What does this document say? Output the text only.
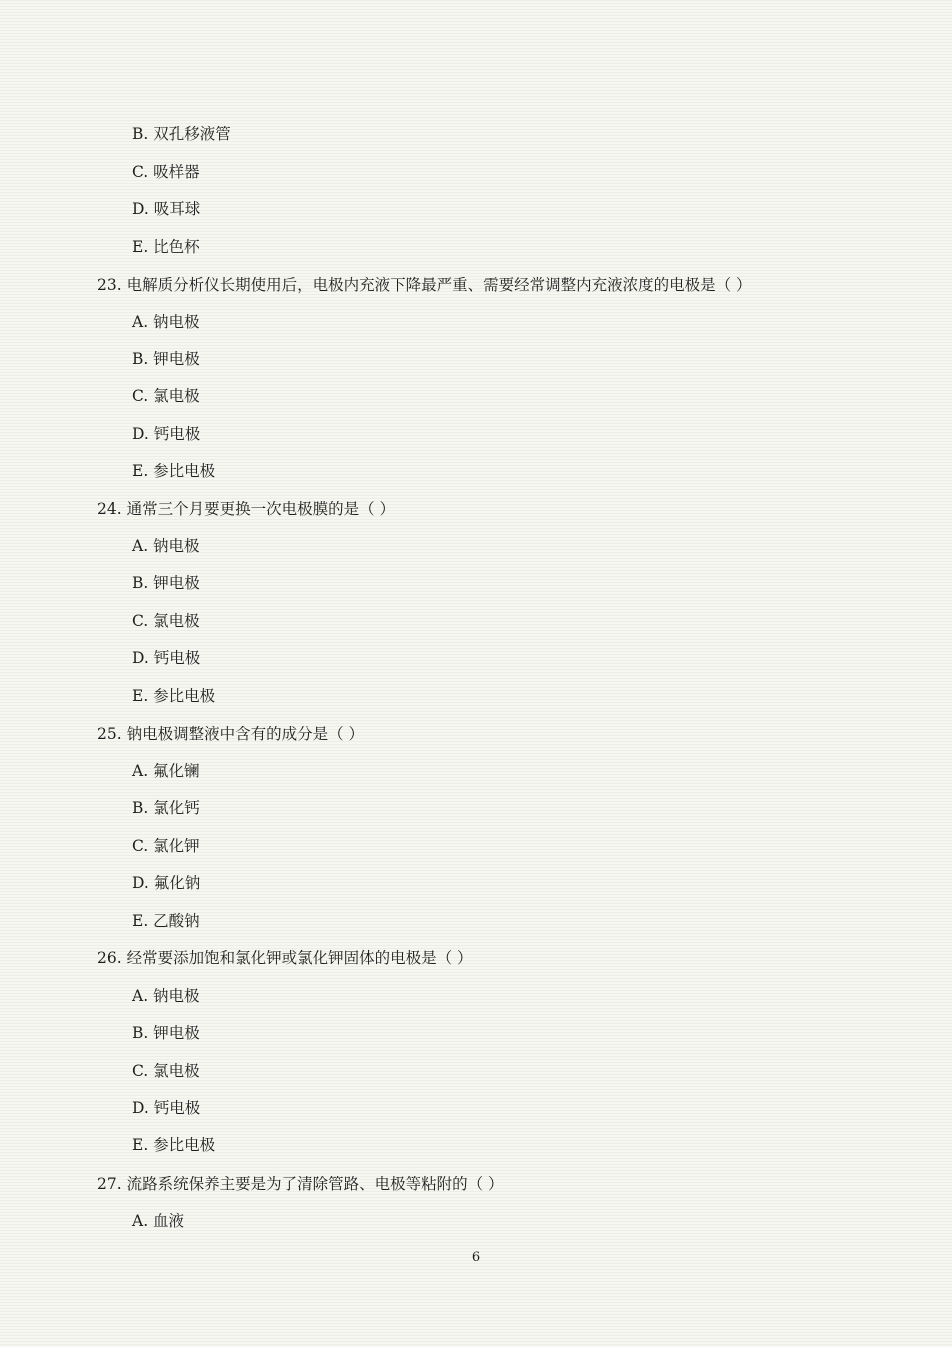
B. 双孔移液管
C. 吸样器
D. 吸耳球
E. 比色杯
23. 电解质分析仪长期使用后，电极内充液下降最严重、需要经常调整内充液浓度的电极是（ ）
A. 钠电极
B. 钾电极
C. 氯电极
D. 钙电极
E. 参比电极
24. 通常三个月要更换一次电极膜的是（ ）
A. 钠电极
B. 钾电极
C. 氯电极
D. 钙电极
E. 参比电极
25. 钠电极调整液中含有的成分是（ ）
A. 氟化镧
B. 氯化钙
C. 氯化钾
D. 氟化钠
E. 乙酸钠
26. 经常要添加饱和氯化钾或氯化钾固体的电极是（ ）
A. 钠电极
B. 钾电极
C. 氯电极
D. 钙电极
E. 参比电极
27. 流路系统保养主要是为了清除管路、电极等粘附的（ ）
A. 血液
6
